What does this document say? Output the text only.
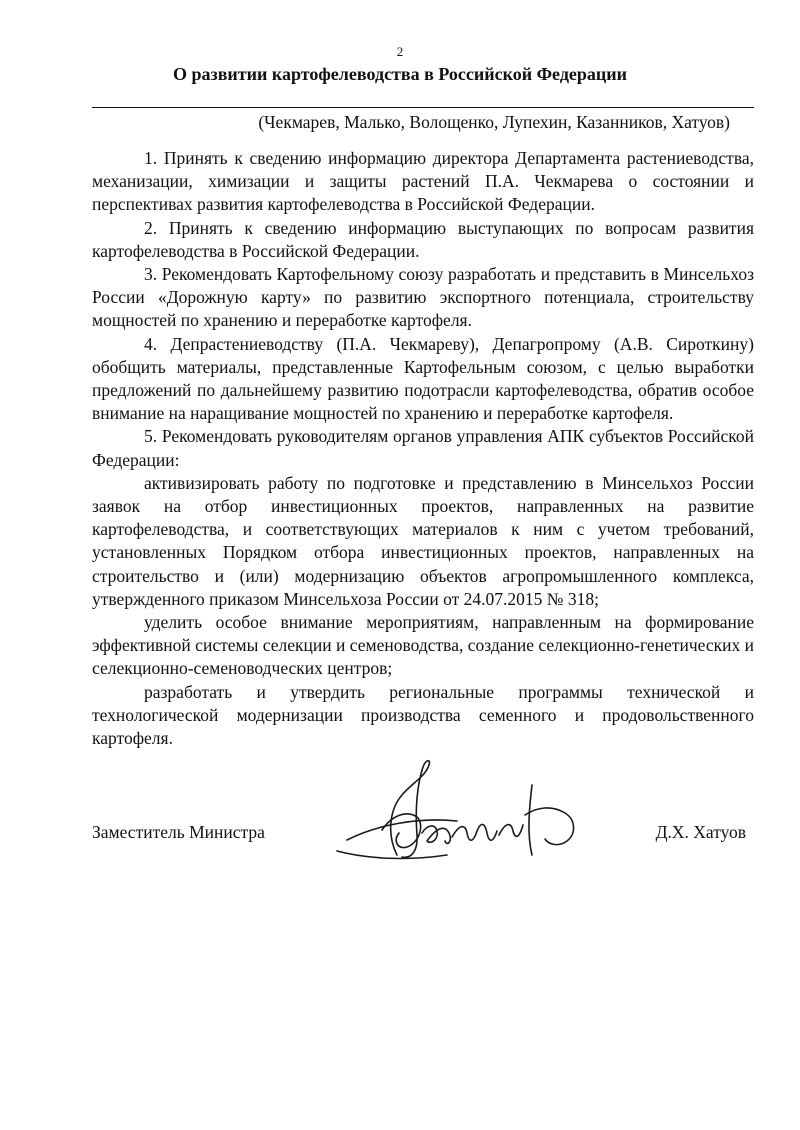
2
О развитии картофелеводства в Российской Федерации
(Чекмарев, Малько, Волощенко, Лупехин, Казанников, Хатуов)

1. Принять к сведению информацию директора Департамента растениеводства, механизации, химизации и защиты растений П.А. Чекмарева о состоянии и перспективах развития картофелеводства в Российской Федерации.

2. Принять к сведению информацию выступающих по вопросам развития картофелеводства в Российской Федерации.

3. Рекомендовать Картофельному союзу разработать и представить в Минсельхоз России «Дорожную карту» по развитию экспортного потенциала, строительству мощностей по хранению и переработке картофеля.

4. Депрастениеводству (П.А. Чекмареву), Депагропрому (А.В. Сироткину) обобщить материалы, представленные Картофельным союзом, с целью выработки предложений по дальнейшему развитию подотрасли картофелеводства, обратив особое внимание на наращивание мощностей по хранению и переработке картофеля.

5. Рекомендовать руководителям органов управления АПК субъектов Российской Федерации:

активизировать работу по подготовке и представлению в Минсельхоз России заявок на отбор инвестиционных проектов, направленных на развитие картофелеводства, и соответствующих материалов к ним с учетом требований, установленных Порядком отбора инвестиционных проектов, направленных на строительство и (или) модернизацию объектов агропромышленного комплекса, утвержденного приказом Минсельхоза России от 24.07.2015 № 318;

уделить особое внимание мероприятиям, направленным на формирование эффективной системы селекции и семеноводства, создание селекционно-генетических и селекционно-семеноводческих центров;

разработать и утвердить региональные программы технической и технологической модернизации производства семенного и продовольственного картофеля.

Заместитель Министра	Д.Х. Хатуов
